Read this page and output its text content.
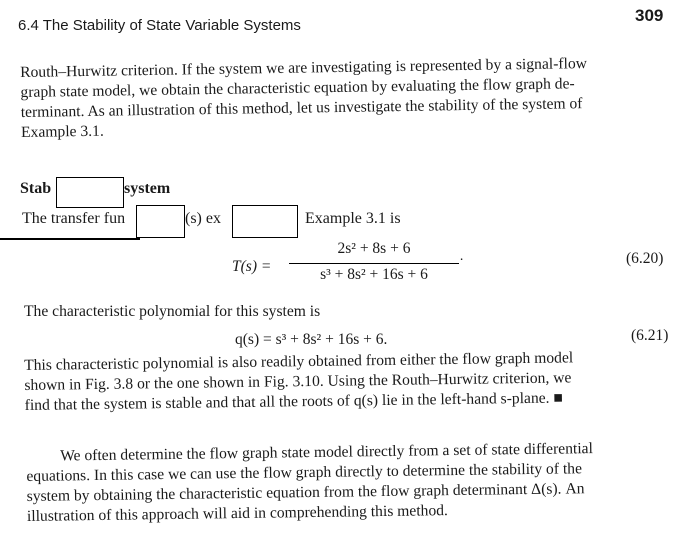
6.4 The Stability of State Variable Systems
309
Routh–Hurwitz criterion. If the system we are investigating is represented by a signal-flow
graph state model, we obtain the characteristic equation by evaluating the flow graph de-
terminant. As an illustration of this method, let us investigate the stability of the system of
Example 3.1.
Stab	system
The transfer fun	(s) ex	Example 3.1 is
T(s) =
2s² + 8s + 6
s³ + 8s² + 16s + 6
˙	(6.20)
The characteristic polynomial for this system is
q(s) = s³ + 8s² + 16s + 6.	(6.21)
This characteristic polynomial is also readily obtained from either the flow graph model
shown in Fig. 3.8 or the one shown in Fig. 3.10. Using the Routh–Hurwitz criterion, we
find that the system is stable and that all the roots of q(s) lie in the left-hand s-plane. ■
We often determine the flow graph state model directly from a set of state differential
equations. In this case we can use the flow graph directly to determine the stability of the
system by obtaining the characteristic equation from the flow graph determinant Δ(s). An
illustration of this approach will aid in comprehending this method.
